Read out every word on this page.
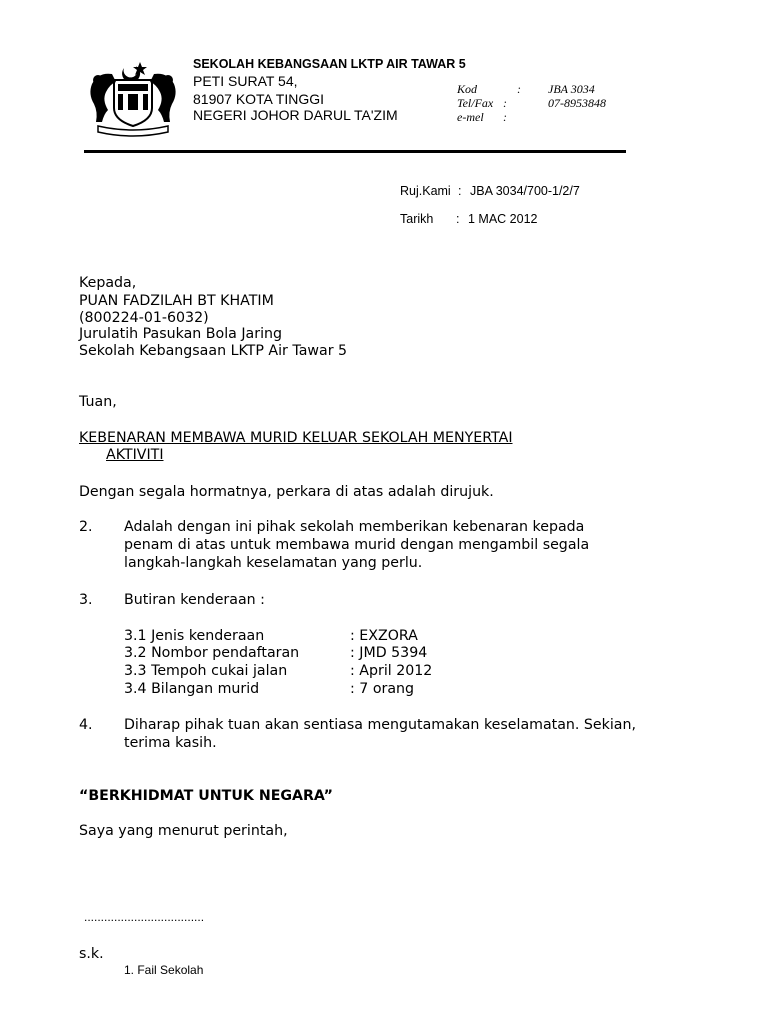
SEKOLAH KEBANGSAAN LKTP AIR TAWAR 5
PETI SURAT 54,
81907 KOTA TINGGI
NEGERI JOHOR DARUL TA'ZIM
Kod	: JBA 3034
Tel/Fax :	07-8953848
e-mel :
Ruj.Kami : JBA 3034/700-1/2/7
Tarikh : 1 MAC 2012
Kepada,
PUAN FADZILAH BT KHATIM
(800224-01-6032)
Jurulatih Pasukan Bola Jaring
Sekolah Kebangsaan LKTP Air Tawar 5
Tuan,
KEBENARAN MEMBAWA MURID KELUAR SEKOLAH MENYERTAI
AKTIVITI
Dengan segala hormatnya, perkara di atas adalah dirujuk.
2. Adalah dengan ini pihak sekolah memberikan kebenaran kepada
penam di atas untuk membawa murid dengan mengambil segala
langkah-langkah keselamatan yang perlu.
3. Butiran kenderaan :
3.1 Jenis kenderaan	: EXZORA
3.2 Nombor pendaftaran	: JMD 5394
3.3 Tempoh cukai jalan	: April 2012
3.4 Bilangan murid	: 7 orang
4. Diharap pihak tuan akan sentiasa mengutamakan keselamatan. Sekian,
terima kasih.
“BERKHIDMAT UNTUK NEGARA”
Saya yang menurut perintah,
....................................
s.k.
1. Fail Sekolah
